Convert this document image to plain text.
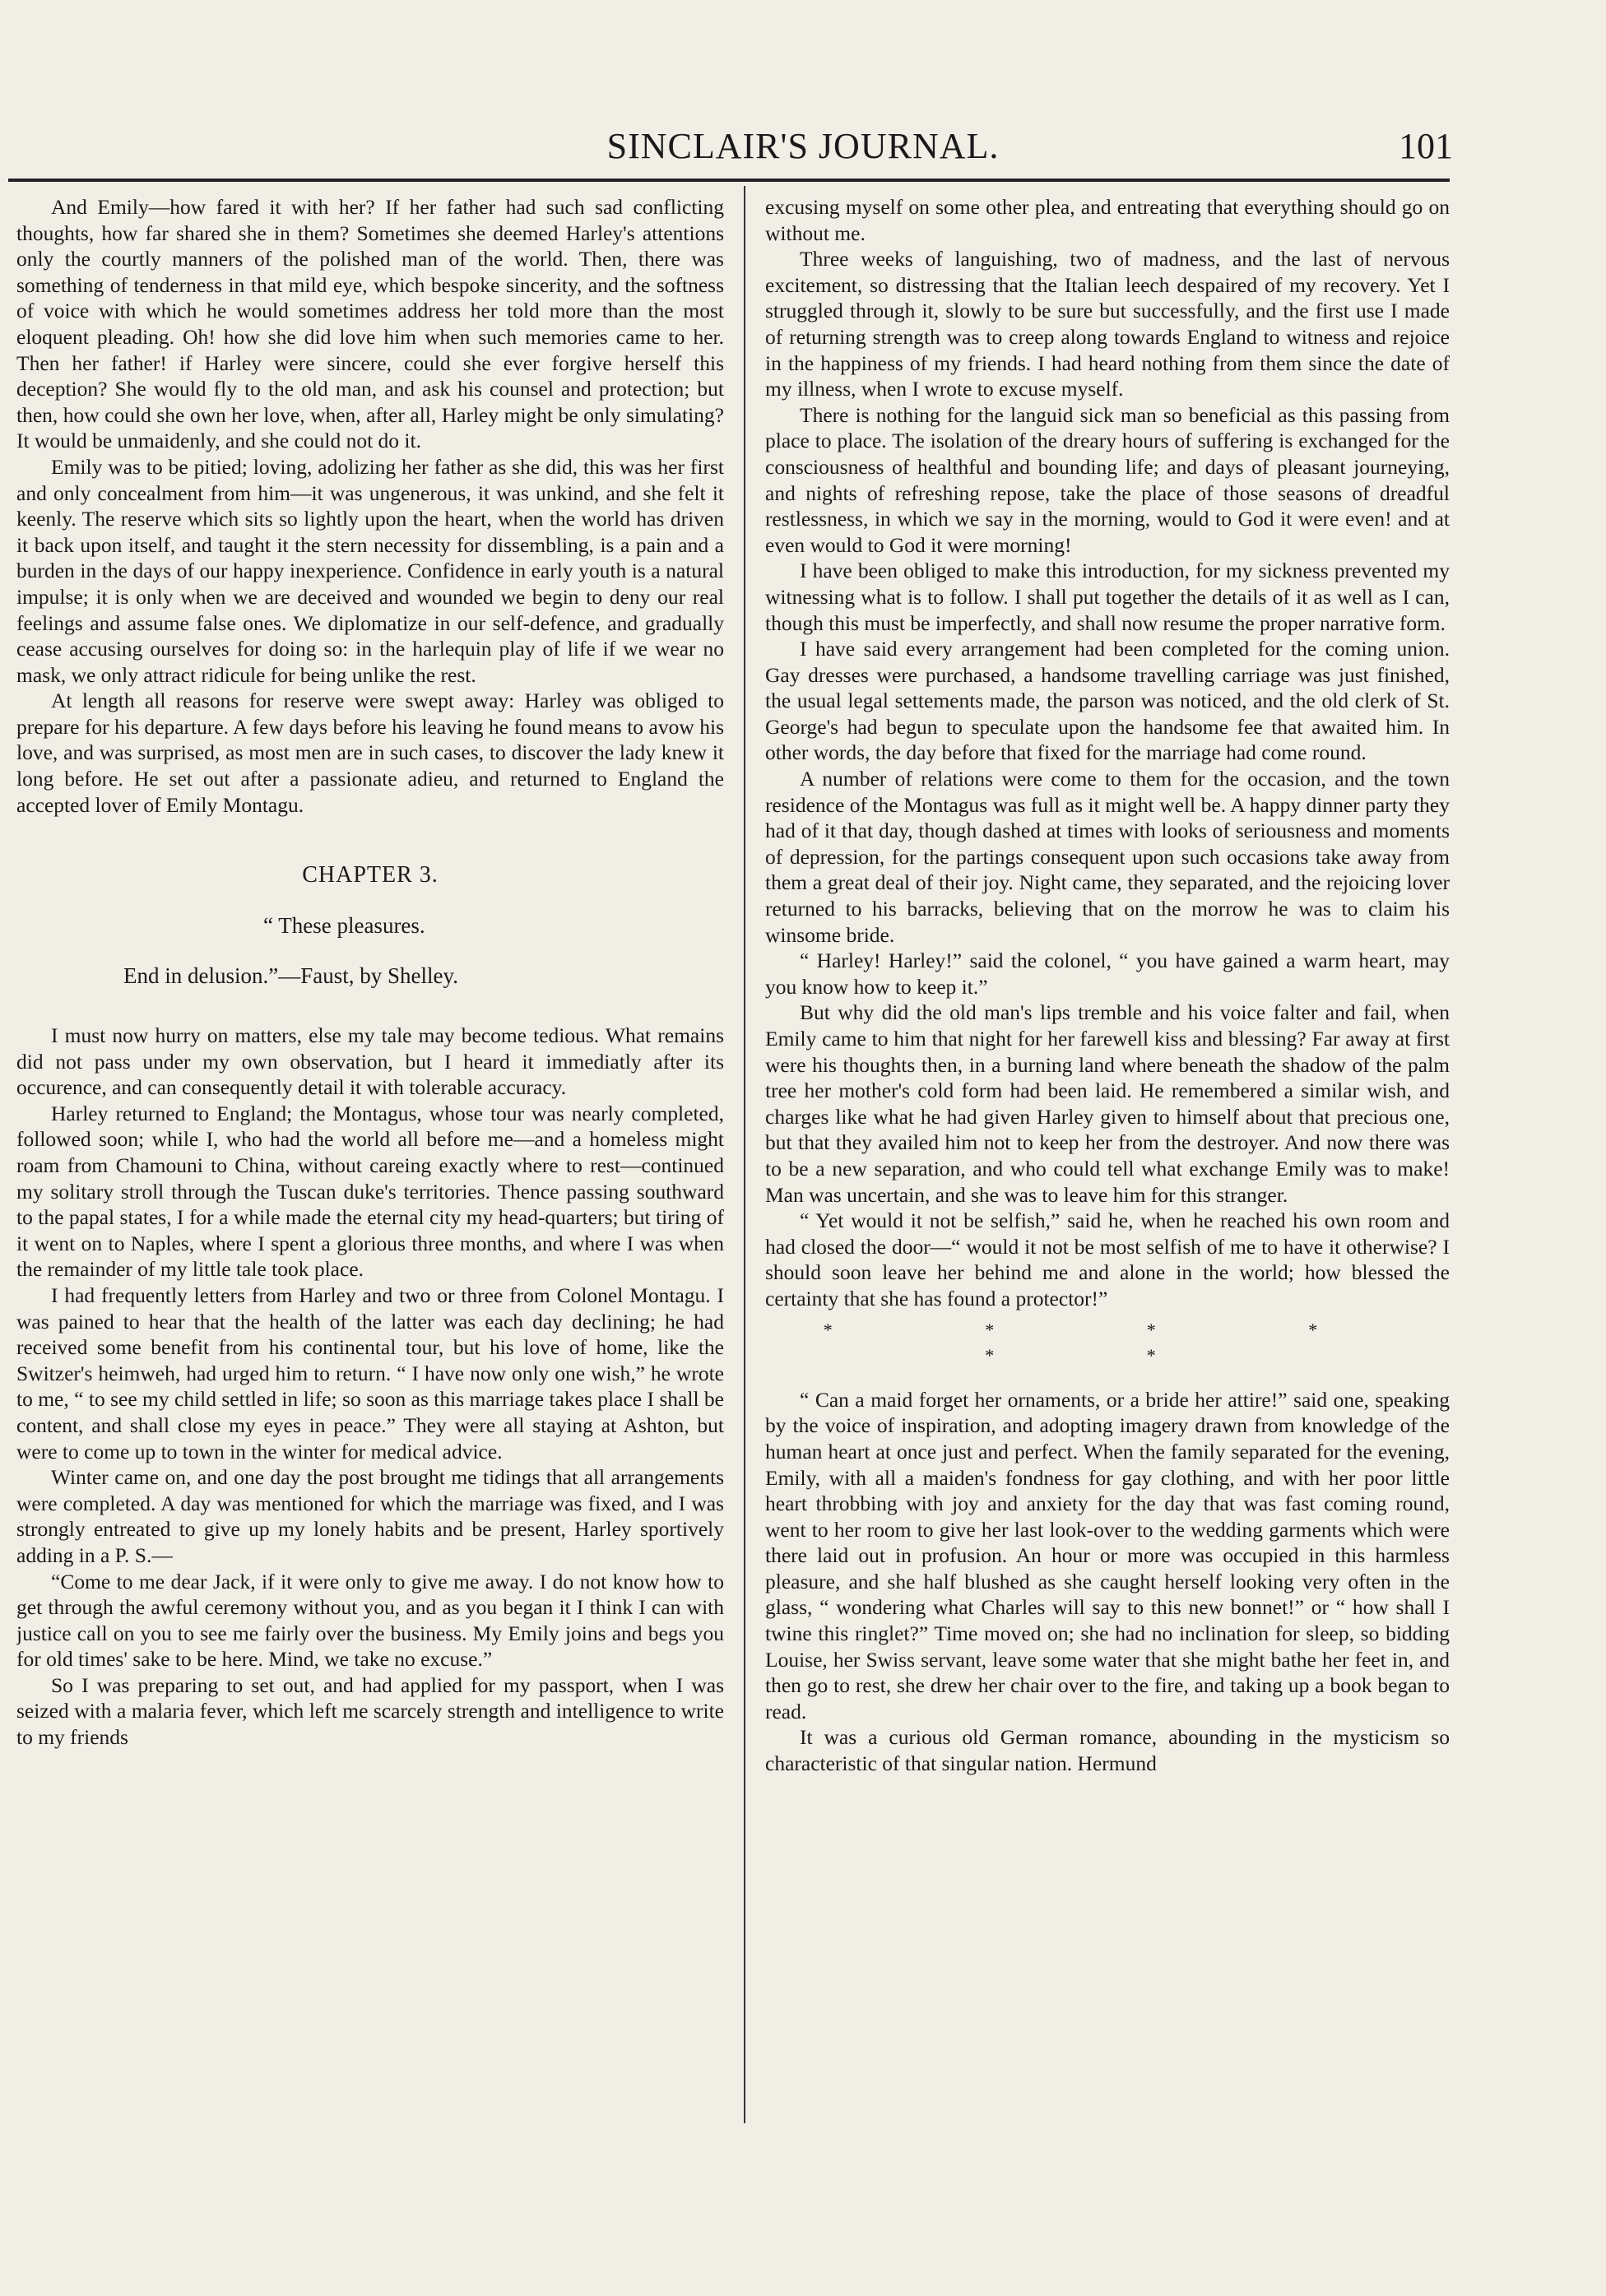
SINCLAIR'S JOURNAL.	101

And Emily—how fared it with her? If her father had such sad conflicting thoughts, how far shared she in them? Sometimes she deemed Harley's attentions only the courtly manners of the polished man of the world. Then, there was something of tenderness in that mild eye, which bespoke sincerity, and the softness of voice with which he would sometimes address her told more than the most eloquent pleading. Oh! how she did love him when such memories came to her. Then her father! if Harley were sincere, could she ever forgive herself this deception? She would fly to the old man, and ask his counsel and protection; but then, how could she own her love, when, after all, Harley might be only simulating? It would be unmaidenly, and she could not do it.

Emily was to be pitied; loving, adolizing her father as she did, this was her first and only concealment from him—it was ungenerous, it was unkind, and she felt it keenly. The reserve which sits so lightly upon the heart, when the world has driven it back upon itself, and taught it the stern necessity for dissembling, is a pain and a burden in the days of our happy inexperience. Confidence in early youth is a natural impulse; it is only when we are deceived and wounded we begin to deny our real feelings and assume false ones. We diplomatize in our self-defence, and gradually cease accusing ourselves for doing so: in the harlequin play of life if we wear no mask, we only attract ridicule for being unlike the rest.

At length all reasons for reserve were swept away: Harley was obliged to prepare for his departure. A few days before his leaving he found means to avow his love, and was surprised, as most men are in such cases, to discover the lady knew it long before. He set out after a passionate adieu, and returned to England the accepted lover of Emily Montagu.

CHAPTER 3.

“ These pleasures.

End in delusion.”—Faust, by Shelley.

I must now hurry on matters, else my tale may become tedious. What remains did not pass under my own observation, but I heard it immediatly after its occurence, and can consequently detail it with tolerable accuracy.

Harley returned to England; the Montagus, whose tour was nearly completed, followed soon; while I, who had the world all before me—and a homeless might roam from Chamouni to China, without careing exactly where to rest—continued my solitary stroll through the Tuscan duke's territories. Thence passing southward to the papal states, I for a while made the eternal city my head-quarters; but tiring of it went on to Naples, where I spent a glorious three months, and where I was when the remainder of my little tale took place.

I had frequently letters from Harley and two or three from Colonel Montagu. I was pained to hear that the health of the latter was each day declining; he had received some benefit from his continental tour, but his love of home, like the Switzer's heimweh, had urged him to return. “ I have now only one wish,” he wrote to me, “ to see my child settled in life; so soon as this marriage takes place I shall be content, and shall close my eyes in peace.” They were all staying at Ashton, but were to come up to town in the winter for medical advice.

Winter came on, and one day the post brought me tidings that all arrangements were completed. A day was mentioned for which the marriage was fixed, and I was strongly entreated to give up my lonely habits and be present, Harley sportively adding in a P. S.—

“Come to me dear Jack, if it were only to give me away. I do not know how to get through the awful ceremony without you, and as you began it I think I can with justice call on you to see me fairly over the business. My Emily joins and begs you for old times' sake to be here. Mind, we take no excuse.”

So I was preparing to set out, and had applied for my passport, when I was seized with a malaria fever, which left me scarcely strength and intelligence to write to my friends

excusing myself on some other plea, and entreating that everything should go on without me.

Three weeks of languishing, two of madness, and the last of nervous excitement, so distressing that the Italian leech despaired of my recovery. Yet I struggled through it, slowly to be sure but successfully, and the first use I made of returning strength was to creep along towards England to witness and rejoice in the happiness of my friends. I had heard nothing from them since the date of my illness, when I wrote to excuse myself.

There is nothing for the languid sick man so beneficial as this passing from place to place. The isolation of the dreary hours of suffering is exchanged for the consciousness of healthful and bounding life; and days of pleasant journeying, and nights of refreshing repose, take the place of those seasons of dreadful restlessness, in which we say in the morning, would to God it were even! and at even would to God it were morning!

I have been obliged to make this introduction, for my sickness prevented my witnessing what is to follow. I shall put together the details of it as well as I can, though this must be imperfectly, and shall now resume the proper narrative form.

I have said every arrangement had been completed for the coming union. Gay dresses were purchased, a handsome travelling carriage was just finished, the usual legal settements made, the parson was noticed, and the old clerk of St. George's had begun to speculate upon the handsome fee that awaited him. In other words, the day before that fixed for the marriage had come round.

A number of relations were come to them for the occasion, and the town residence of the Montagus was full as it might well be. A happy dinner party they had of it that day, though dashed at times with looks of seriousness and moments of depression, for the partings consequent upon such occasions take away from them a great deal of their joy. Night came, they separated, and the rejoicing lover returned to his barracks, believing that on the morrow he was to claim his winsome bride.

“ Harley! Harley!” said the colonel, “ you have gained a warm heart, may you know how to keep it.”

But why did the old man's lips tremble and his voice falter and fail, when Emily came to him that night for her farewell kiss and blessing? Far away at first were his thoughts then, in a burning land where beneath the shadow of the palm tree her mother's cold form had been laid. He remembered a similar wish, and charges like what he had given Harley given to himself about that precious one, but that they availed him not to keep her from the destroyer. And now there was to be a new separation, and who could tell what exchange Emily was to make! Man was uncertain, and she was to leave him for this stranger.

“ Yet would it not be selfish,” said he, when he reached his own room and had closed the door—“ would it not be most selfish of me to have it otherwise? I should soon leave her behind me and alone in the world; how blessed the certainty that she has found a protector!”

* * * * * *

“ Can a maid forget her ornaments, or a bride her attire!” said one, speaking by the voice of inspiration, and adopting imagery drawn from knowledge of the human heart at once just and perfect. When the family separated for the evening, Emily, with all a maiden's fondness for gay clothing, and with her poor little heart throbbing with joy and anxiety for the day that was fast coming round, went to her room to give her last look-over to the wedding garments which were there laid out in profusion. An hour or more was occupied in this harmless pleasure, and she half blushed as she caught herself looking very often in the glass, “ wondering what Charles will say to this new bonnet!” or “ how shall I twine this ringlet?” Time moved on; she had no inclination for sleep, so bidding Louise, her Swiss servant, leave some water that she might bathe her feet in, and then go to rest, she drew her chair over to the fire, and taking up a book began to read.

It was a curious old German romance, abounding in the mysticism so characteristic of that singular nation. Hermund
